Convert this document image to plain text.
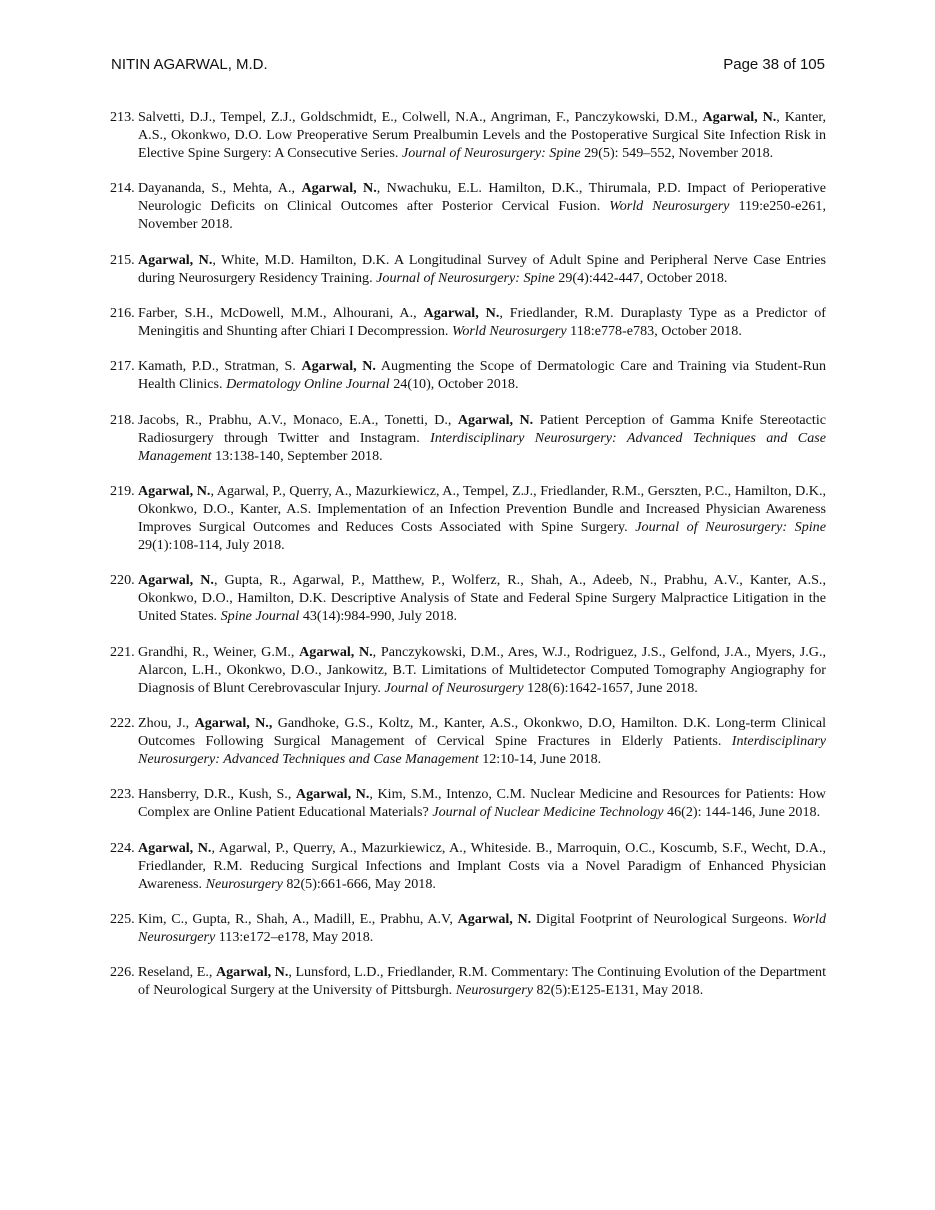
NITIN AGARWAL, M.D.	Page 38 of 105
213. Salvetti, D.J., Tempel, Z.J., Goldschmidt, E., Colwell, N.A., Angriman, F., Panczykowski, D.M., Agarwal, N., Kanter, A.S., Okonkwo, D.O. Low Preoperative Serum Prealbumin Levels and the Postoperative Surgical Site Infection Risk in Elective Spine Surgery: A Consecutive Series. Journal of Neurosurgery: Spine 29(5): 549–552, November 2018.
214. Dayananda, S., Mehta, A., Agarwal, N., Nwachuku, E.L. Hamilton, D.K., Thirumala, P.D. Impact of Perioperative Neurologic Deficits on Clinical Outcomes after Posterior Cervical Fusion. World Neurosurgery 119:e250-e261, November 2018.
215. Agarwal, N., White, M.D. Hamilton, D.K. A Longitudinal Survey of Adult Spine and Peripheral Nerve Case Entries during Neurosurgery Residency Training. Journal of Neurosurgery: Spine 29(4):442-447, October 2018.
216. Farber, S.H., McDowell, M.M., Alhourani, A., Agarwal, N., Friedlander, R.M. Duraplasty Type as a Predictor of Meningitis and Shunting after Chiari I Decompression. World Neurosurgery 118:e778-e783, October 2018.
217. Kamath, P.D., Stratman, S. Agarwal, N. Augmenting the Scope of Dermatologic Care and Training via Student-Run Health Clinics. Dermatology Online Journal 24(10), October 2018.
218. Jacobs, R., Prabhu, A.V., Monaco, E.A., Tonetti, D., Agarwal, N. Patient Perception of Gamma Knife Stereotactic Radiosurgery through Twitter and Instagram. Interdisciplinary Neurosurgery: Advanced Techniques and Case Management 13:138-140, September 2018.
219. Agarwal, N., Agarwal, P., Querry, A., Mazurkiewicz, A., Tempel, Z.J., Friedlander, R.M., Gerszten, P.C., Hamilton, D.K., Okonkwo, D.O., Kanter, A.S. Implementation of an Infection Prevention Bundle and Increased Physician Awareness Improves Surgical Outcomes and Reduces Costs Associated with Spine Surgery. Journal of Neurosurgery: Spine 29(1):108-114, July 2018.
220. Agarwal, N., Gupta, R., Agarwal, P., Matthew, P., Wolferz, R., Shah, A., Adeeb, N., Prabhu, A.V., Kanter, A.S., Okonkwo, D.O., Hamilton, D.K. Descriptive Analysis of State and Federal Spine Surgery Malpractice Litigation in the United States. Spine Journal 43(14):984-990, July 2018.
221. Grandhi, R., Weiner, G.M., Agarwal, N., Panczykowski, D.M., Ares, W.J., Rodriguez, J.S., Gelfond, J.A., Myers, J.G., Alarcon, L.H., Okonkwo, D.O., Jankowitz, B.T. Limitations of Multidetector Computed Tomography Angiography for Diagnosis of Blunt Cerebrovascular Injury. Journal of Neurosurgery 128(6):1642-1657, June 2018.
222. Zhou, J., Agarwal, N., Gandhoke, G.S., Koltz, M., Kanter, A.S., Okonkwo, D.O, Hamilton. D.K. Long-term Clinical Outcomes Following Surgical Management of Cervical Spine Fractures in Elderly Patients. Interdisciplinary Neurosurgery: Advanced Techniques and Case Management 12:10-14, June 2018.
223. Hansberry, D.R., Kush, S., Agarwal, N., Kim, S.M., Intenzo, C.M. Nuclear Medicine and Resources for Patients: How Complex are Online Patient Educational Materials? Journal of Nuclear Medicine Technology 46(2): 144-146, June 2018.
224. Agarwal, N., Agarwal, P., Querry, A., Mazurkiewicz, A., Whiteside. B., Marroquin, O.C., Koscumb, S.F., Wecht, D.A., Friedlander, R.M. Reducing Surgical Infections and Implant Costs via a Novel Paradigm of Enhanced Physician Awareness. Neurosurgery 82(5):661-666, May 2018.
225. Kim, C., Gupta, R., Shah, A., Madill, E., Prabhu, A.V, Agarwal, N. Digital Footprint of Neurological Surgeons. World Neurosurgery 113:e172–e178, May 2018.
226. Reseland, E., Agarwal, N., Lunsford, L.D., Friedlander, R.M. Commentary: The Continuing Evolution of the Department of Neurological Surgery at the University of Pittsburgh. Neurosurgery 82(5):E125-E131, May 2018.
